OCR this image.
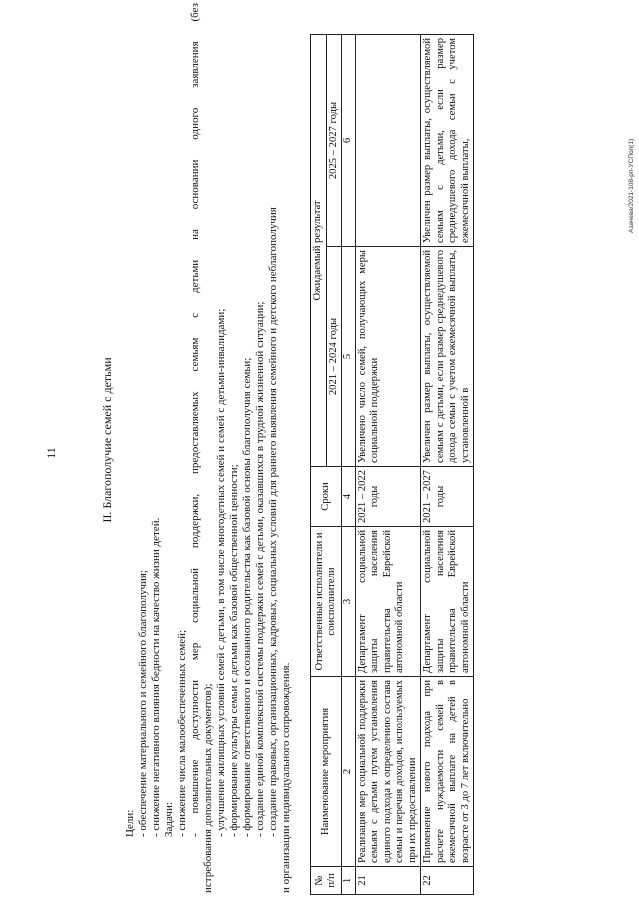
11	II. Благополучие семей с детьми
Цели: - обеспечение материального и семейного благополучия; - снижение негативного влияния бедности на качество жизни детей. Задачи: - снижение числа малообеспеченных семей; - повышение доступности мер социальной поддержки, предоставляемых семьям с детьми на основании одного заявления (без истребования дополнительных документов); - улучшение жилищных условий семей с детьми, в том числе многодетных семей и семей с детьми-инвалидами; - формирование культуры семьи с детьми как базовой общественной ценности; - формирование ответственного и осознанного родительства как базовой основы благополучия семьи; - создание единой комплексной системы поддержки семей с детьми, оказавшихся в трудной жизненной ситуации; - создание правовых, организационных, кадровых, социальных условий для раннего выявления семейного и детского неблагополучия и организации индивидуального сопровождения. № п/п	Наименование мероприятия	Ответственные исполнители и соисполнители	Сроки	Ожидаемый результат	
				2021 – 2024 годы	2025 – 2027 годы
1	2	3	4	5	6
21	Реализация мер социальной поддержки семьям с детьми путем установления единого подхода к определению состава семьи и перечня доходов, используемых при их предоставлении	Департамент социальной защиты населения правительства Еврейской автономной области	2021 – 2022 годы	Увеличено число семей, получающих меры социальной поддержки	
22	Применение нового подхода при расчете нуждаемости семей в ежемесячной выплате на детей в возрасте от 3 до 7 лет включительно	Департамент социальной защиты населения правительства Еврейской автономной области	2021 – 2027 годы	Увеличен размер выплаты, осуществляемой семьям с детьми, если размер среднедушевого дохода семьи с учетом ежемесячной выплаты, установленной в	Увеличен размер выплаты, осуществляемой семьям с детьми, если размер среднедушевого дохода семьи с учетом ежемесячной выплаты,	Азачева/2021-108-рп-УСПол(1)
